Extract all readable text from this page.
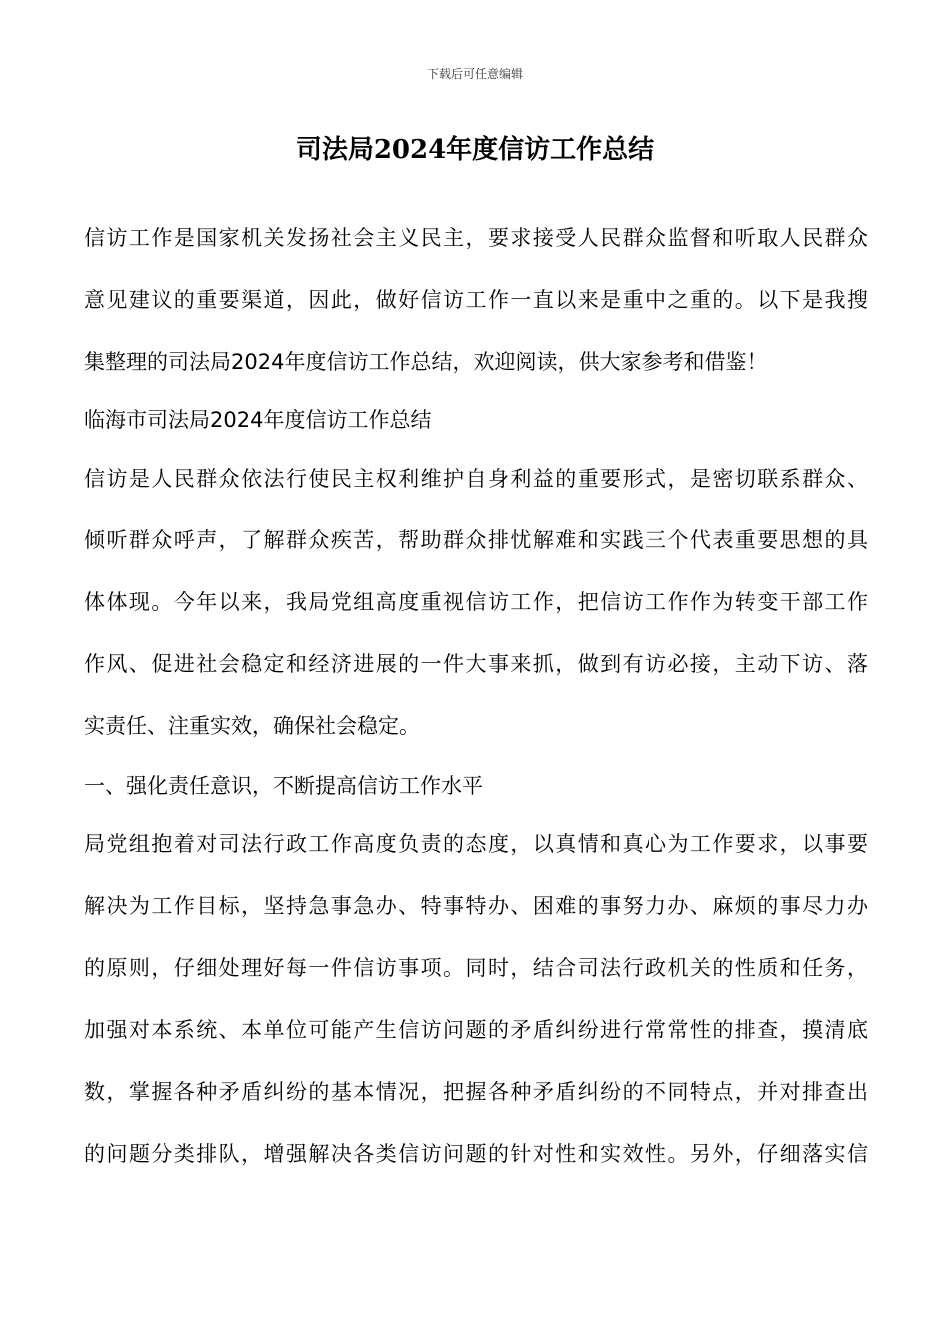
下载后可任意编辑
司法局2024年度信访工作总结

信访工作是国家机关发扬社会主义民主，要求接受人民群众监督和听取人民群众

意见建议的重要渠道，因此，做好信访工作一直以来是重中之重的。以下是我搜

集整理的司法局2024年度信访工作总结，欢迎阅读，供大家参考和借鉴！

临海市司法局2024年度信访工作总结

信访是人民群众依法行使民主权利维护自身利益的重要形式，是密切联系群众、

倾听群众呼声，了解群众疾苦，帮助群众排忧解难和实践三个代表重要思想的具

体体现。今年以来，我局党组高度重视信访工作，把信访工作作为转变干部工作

作风、促进社会稳定和经济进展的一件大事来抓，做到有访必接，主动下访、落

实责任、注重实效，确保社会稳定。

一、强化责任意识，不断提高信访工作水平

局党组抱着对司法行政工作高度负责的态度，以真情和真心为工作要求，以事要

解决为工作目标，坚持急事急办、特事特办、困难的事努力办、麻烦的事尽力办

的原则，仔细处理好每一件信访事项。同时，结合司法行政机关的性质和任务，

加强对本系统、本单位可能产生信访问题的矛盾纠纷进行常常性的排查，摸清底

数，掌握各种矛盾纠纷的基本情况，把握各种矛盾纠纷的不同特点，并对排查出

的问题分类排队，增强解决各类信访问题的针对性和实效性。另外，仔细落实信
